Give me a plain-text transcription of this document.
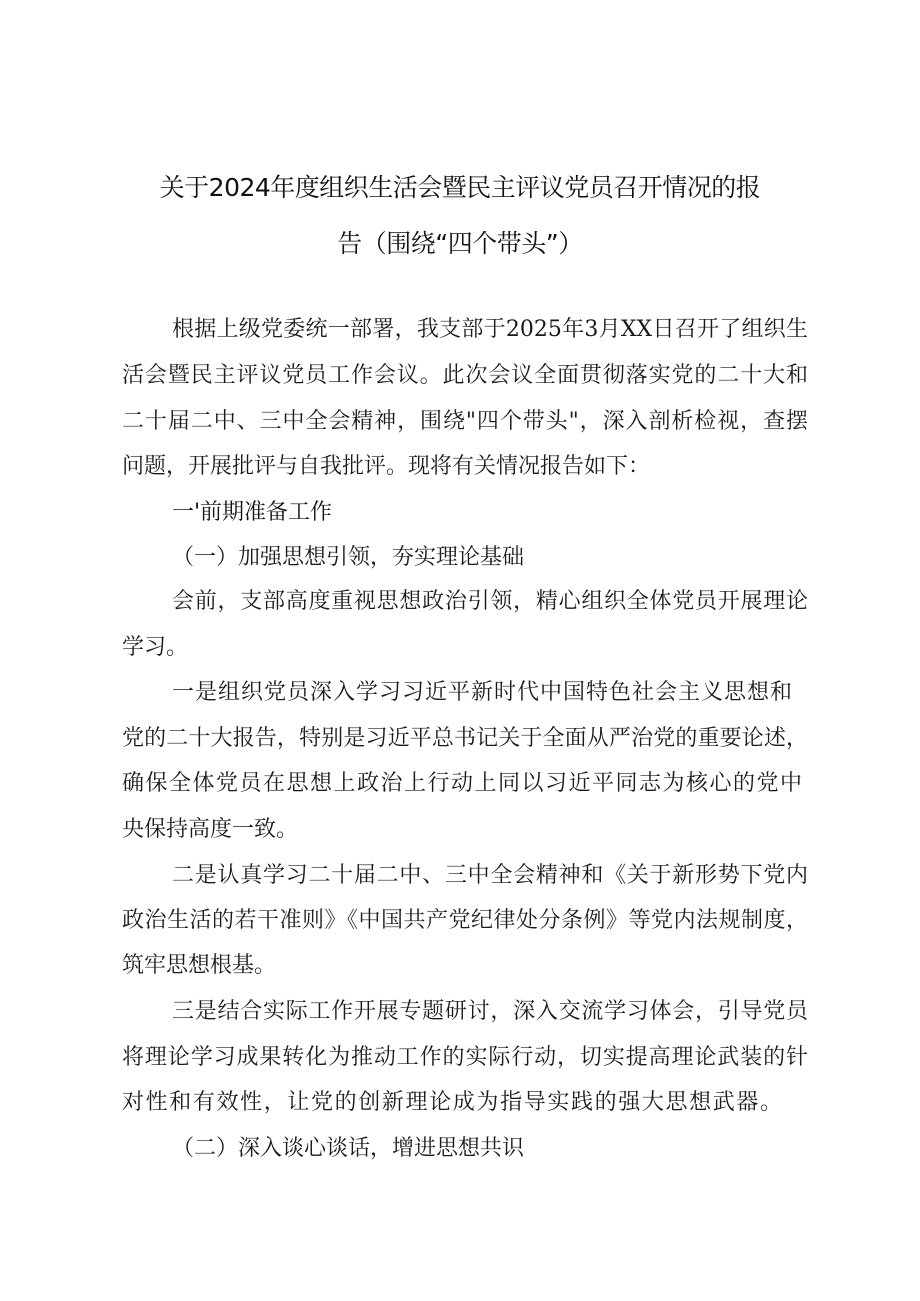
关于2024年度组织生活会暨民主评议党员召开情况的报
告（围绕“四个带头”）
根据上级党委统一部署，我支部于2025年3月XX日召开了组织生
活会暨民主评议党员工作会议。此次会议全面贯彻落实党的二十大和
二十届二中、三中全会精神，围绕"四个带头"，深入剖析检视，查摆
问题，开展批评与自我批评。现将有关情况报告如下：
一'前期准备工作
（一）加强思想引领，夯实理论基础
会前，支部高度重视思想政治引领，精心组织全体党员开展理论
学习。
一是组织党员深入学习习近平新时代中国特色社会主义思想和
党的二十大报告，特别是习近平总书记关于全面从严治党的重要论述，
确保全体党员在思想上政治上行动上同以习近平同志为核心的党中
央保持高度一致。
二是认真学习二十届二中、三中全会精神和《关于新形势下党内
政治生活的若干准则》《中国共产党纪律处分条例》等党内法规制度，
筑牢思想根基。
三是结合实际工作开展专题研讨，深入交流学习体会，引导党员
将理论学习成果转化为推动工作的实际行动，切实提高理论武装的针
对性和有效性，让党的创新理论成为指导实践的强大思想武器。
（二）深入谈心谈话，增进思想共识
